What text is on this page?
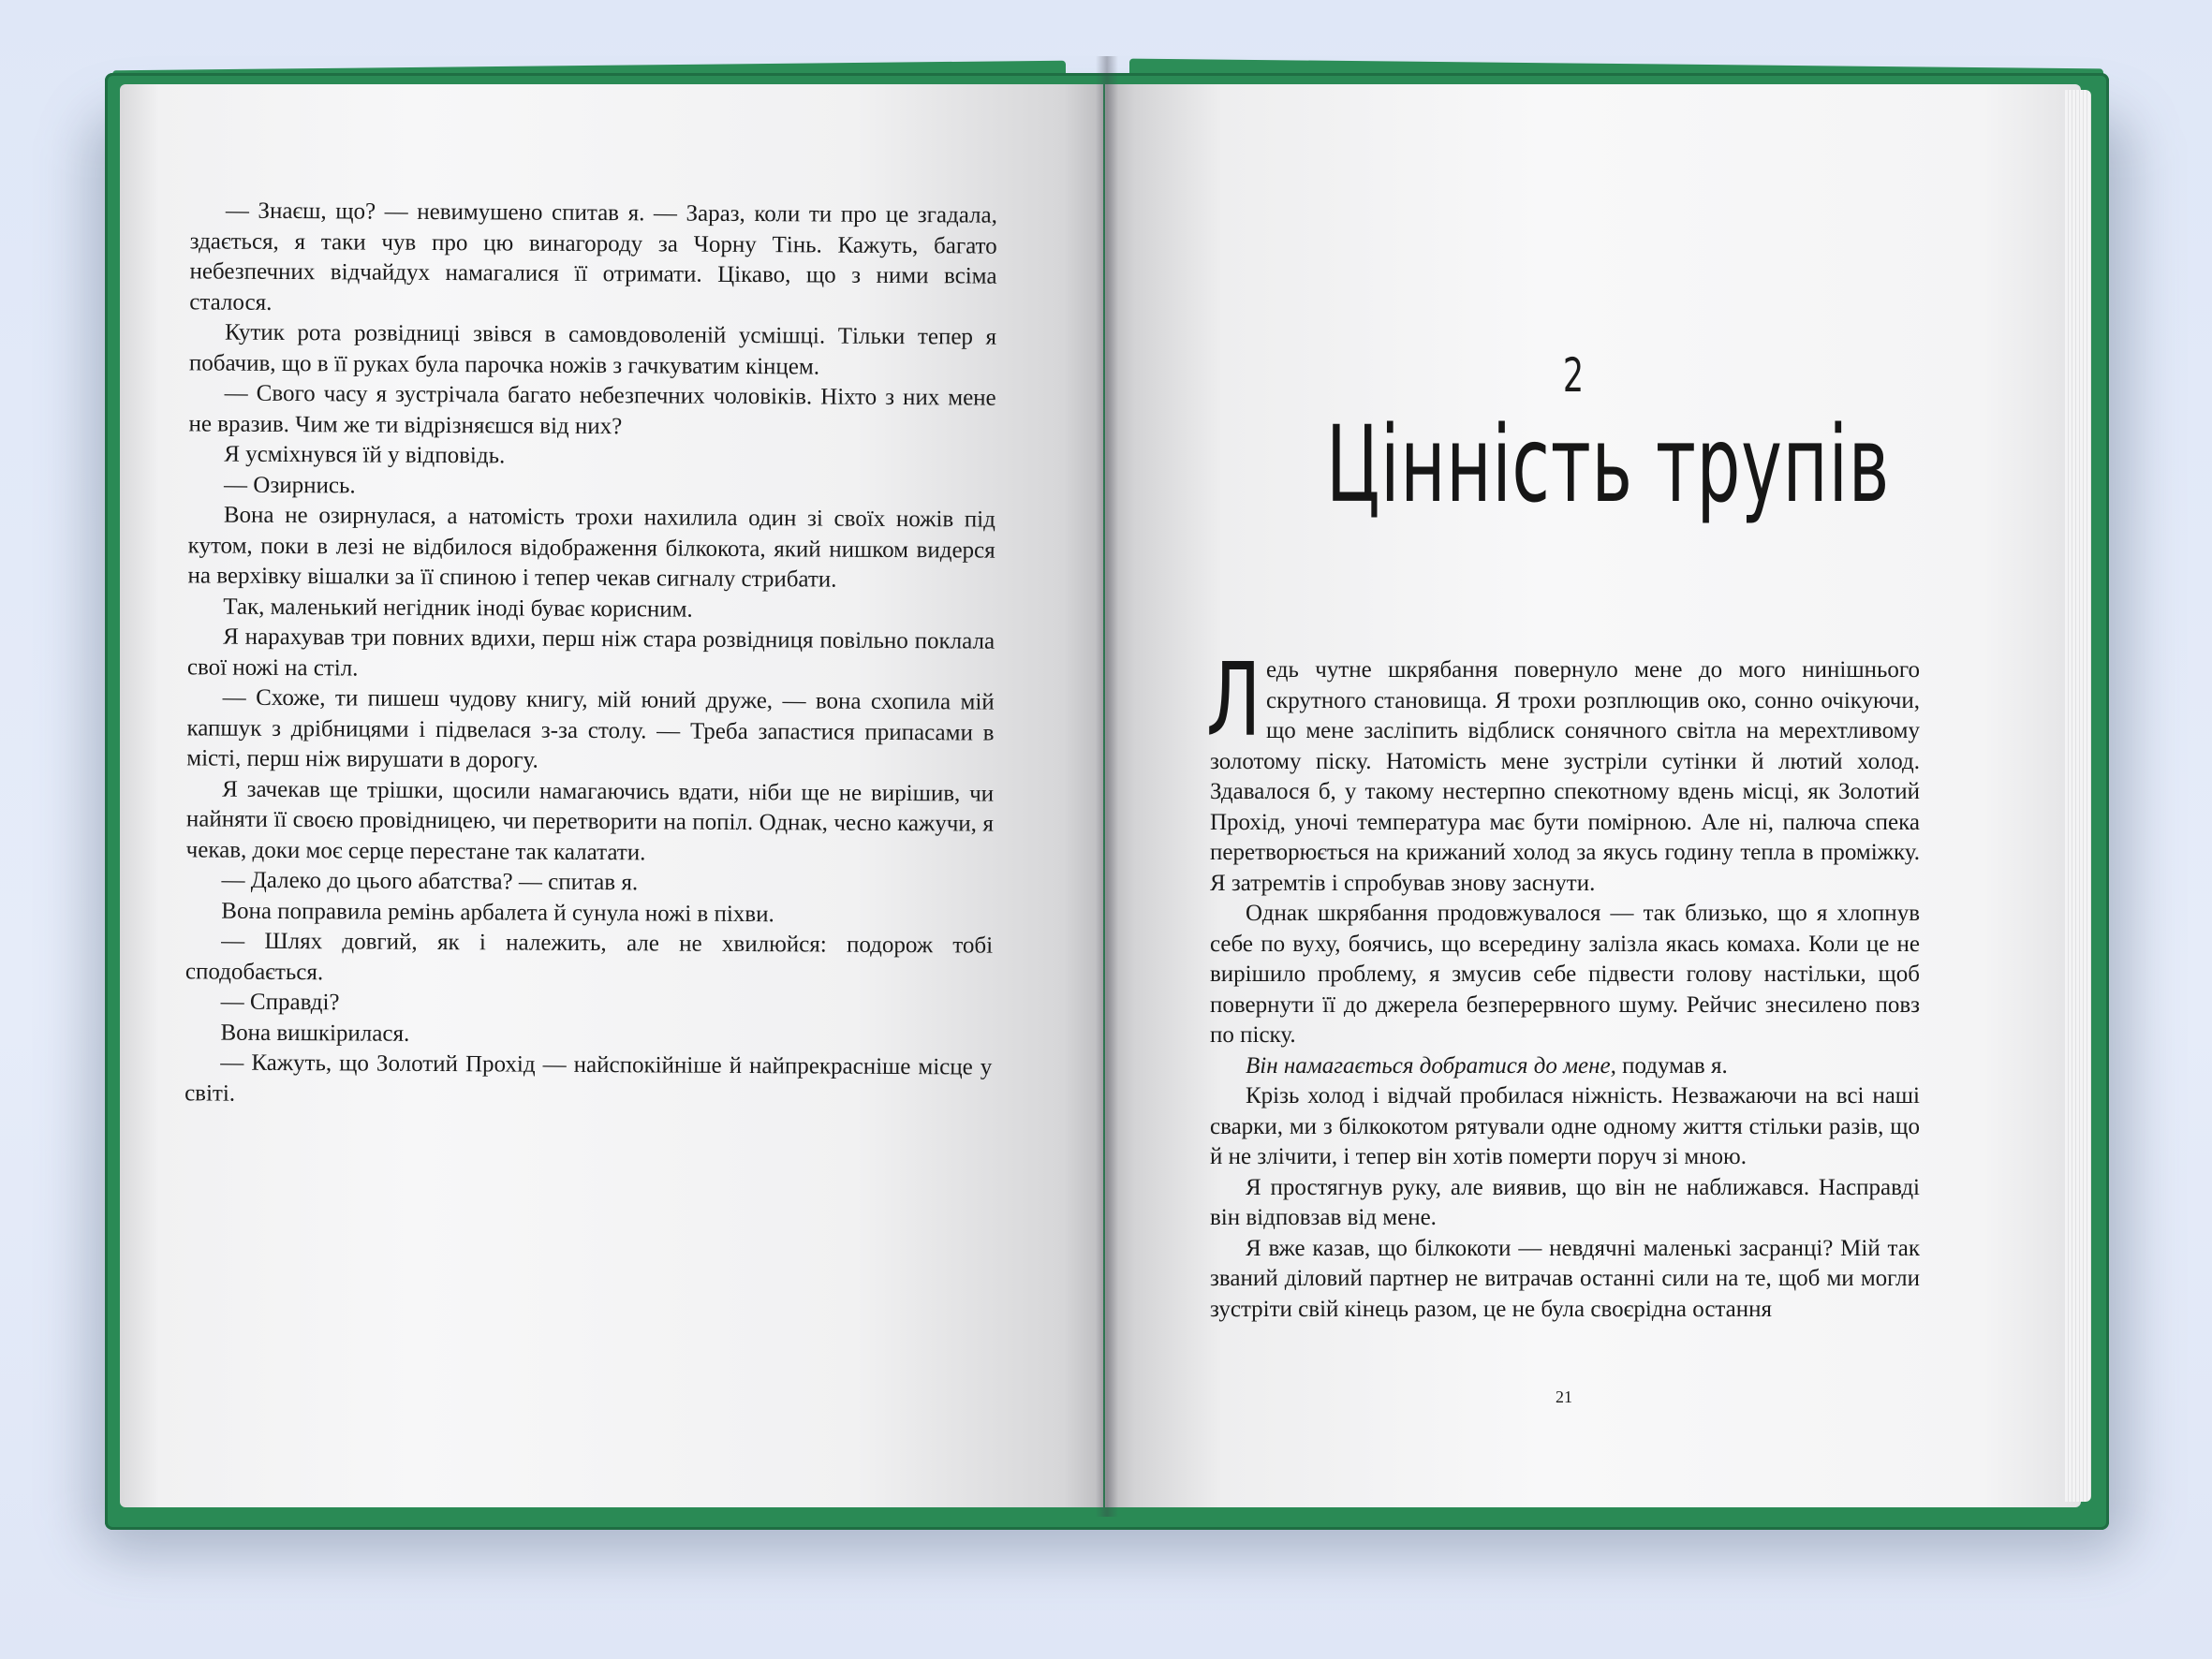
— Знаєш, що? — невимушено спитав я. — Зараз, коли ти про це згадала, здається, я таки чув про цю винагороду за Чорну Тінь. Кажуть, багато небезпечних відчайдух намагалися її отримати. Цікаво, що з ними всіма сталося.

Кутик рота розвідниці звівся в самовдоволеній усмішці. Тільки тепер я побачив, що в її руках була парочка ножів з гачкуватим кінцем.

— Свого часу я зустрічала багато небезпечних чоловіків. Ніхто з них мене не вразив. Чим же ти відрізняєшся від них?

Я усміхнувся їй у відповідь.

— Озирнись.

Вона не озирнулася, а натомість трохи нахилила один зі своїх ножів під кутом, поки в лезі не відбилося відображення білкокота, який нишком видерся на верхівку вішалки за її спиною і тепер чекав сигналу стрибати.

Так, маленький негідник іноді буває корисним.

Я нарахував три повних вдихи, перш ніж стара розвідниця повільно поклала свої ножі на стіл.

— Схоже, ти пишеш чудову книгу, мій юний друже, — вона схопила мій капшук з дрібницями і підвелася з-за столу. — Треба запастися припасами в місті, перш ніж вирушати в дорогу.

Я зачекав ще трішки, щосили намагаючись вдати, ніби ще не вирішив, чи найняти її своєю провідницею, чи перетворити на попіл. Однак, чесно кажучи, я чекав, доки моє серце перестане так калатати.

— Далеко до цього абатства? — спитав я.

Вона поправила ремінь арбалета й сунула ножі в піхви.

— Шлях довгий, як і належить, але не хвилюйся: подорож тобі сподобається.

— Справді?

Вона вишкірилася.

— Кажуть, що Золотий Прохід — найспокійніше й найпрекрасніше місце у світі.

2
Цінність трупів

Ледь чутне шкрябання повернуло мене до мого нинішнього скрутного становища. Я трохи розплющив око, сонно очікуючи, що мене засліпить відблиск сонячного світла на мерехтливому золотому піску. Натомість мене зустріли сутінки й лютий холод. Здавалося б, у такому нестерпно спекотному вдень місці, як Золотий Прохід, уночі температура має бути помірною. Але ні, палюча спека перетворюється на крижаний холод за якусь годину тепла в проміжку. Я затремтів і спробував знову заснути.

Однак шкрябання продовжувалося — так близько, що я хлопнув себе по вуху, боячись, що всередину залізла якась комаха. Коли це не вирішило проблему, я змусив себе підвести голову настільки, щоб повернути її до джерела безперервного шуму. Рейчис знесилено повз по піску.

Він намагається добратися до мене, подумав я.

Крізь холод і відчай пробилася ніжність. Незважаючи на всі наші сварки, ми з білкокотом рятували одне одному життя стільки разів, що й не злічити, і тепер він хотів померти поруч зі мною.

Я простягнув руку, але виявив, що він не наближався. Насправді він відповзав від мене.

Я вже казав, що білкокоти — невдячні маленькі засранці? Мій так званий діловий партнер не витрачав останні сили на те, щоб ми могли зустріти свій кінець разом, це не була своєрідна остання

21
